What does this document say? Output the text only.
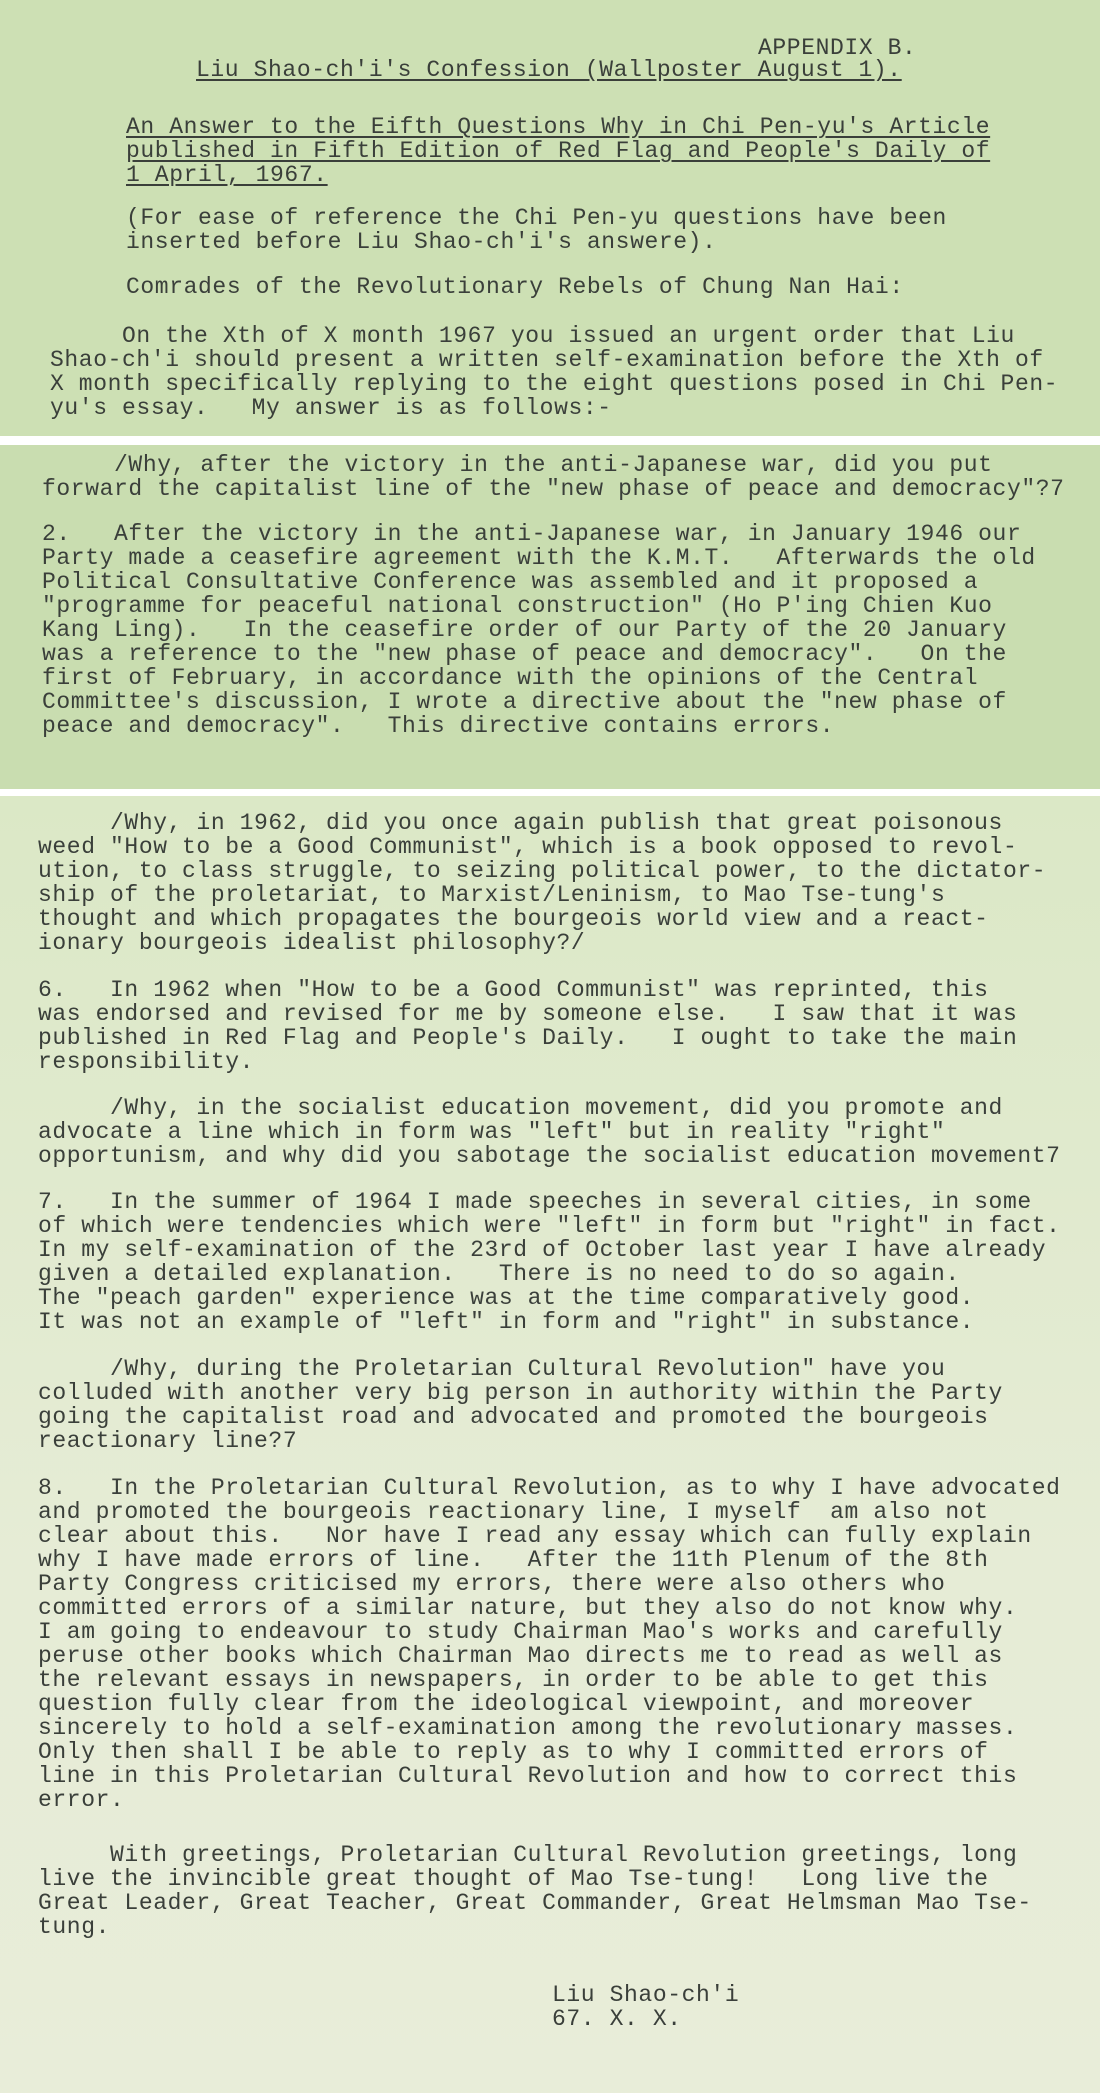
APPENDIX B.
Liu Shao-ch'i's Confession (Wallposter August 1).
An Answer to the Eifth Questions Why in Chi Pen-yu's Article
published in Fifth Edition of Red Flag and People's Daily of
1 April, 1967.
(For ease of reference the Chi Pen-yu questions have been
inserted before Liu Shao-ch'i's answere).
Comrades of the Revolutionary Rebels of Chung Nan Hai:
On the Xth of X month 1967 you issued an urgent order that Liu
Shao-ch'i should present a written self-examination before the Xth of
X month specifically replying to the eight questions posed in Chi Pen-
yu's essay.   My answer is as follows:-
/Why, after the victory in the anti-Japanese war, did you put
forward the capitalist line of the "new phase of peace and democracy"?7
2.   After the victory in the anti-Japanese war, in January 1946 our
Party made a ceasefire agreement with the K.M.T.   Afterwards the old
Political Consultative Conference was assembled and it proposed a
"programme for peaceful national construction" (Ho P'ing Chien Kuo
Kang Ling).   In the ceasefire order of our Party of the 20 January
was a reference to the "new phase of peace and democracy".   On the
first of February, in accordance with the opinions of the Central
Committee's discussion, I wrote a directive about the "new phase of
peace and democracy".   This directive contains errors.
/Why, in 1962, did you once again publish that great poisonous
weed "How to be a Good Communist", which is a book opposed to revol-
ution, to class struggle, to seizing political power, to the dictator-
ship of the proletariat, to Marxist/Leninism, to Mao Tse-tung's
thought and which propagates the bourgeois world view and a react-
ionary bourgeois idealist philosophy?/
6.   In 1962 when "How to be a Good Communist" was reprinted, this
was endorsed and revised for me by someone else.   I saw that it was
published in Red Flag and People's Daily.   I ought to take the main
responsibility.
/Why, in the socialist education movement, did you promote and
advocate a line which in form was "left" but in reality "right"
opportunism, and why did you sabotage the socialist education movement7
7.   In the summer of 1964 I made speeches in several cities, in some
of which were tendencies which were "left" in form but "right" in fact.
In my self-examination of the 23rd of October last year I have already
given a detailed explanation.   There is no need to do so again.
The "peach garden" experience was at the time comparatively good.
It was not an example of "left" in form and "right" in substance.
/Why, during the Proletarian Cultural Revolution" have you
colluded with another very big person in authority within the Party
going the capitalist road and advocated and promoted the bourgeois
reactionary line?7
8.   In the Proletarian Cultural Revolution, as to why I have advocated
and promoted the bourgeois reactionary line, I myself  am also not
clear about this.   Nor have I read any essay which can fully explain
why I have made errors of line.   After the 11th Plenum of the 8th
Party Congress criticised my errors, there were also others who
committed errors of a similar nature, but they also do not know why.
I am going to endeavour to study Chairman Mao's works and carefully
peruse other books which Chairman Mao directs me to read as well as
the relevant essays in newspapers, in order to be able to get this
question fully clear from the ideological viewpoint, and moreover
sincerely to hold a self-examination among the revolutionary masses.
Only then shall I be able to reply as to why I committed errors of
line in this Proletarian Cultural Revolution and how to correct this
error.
With greetings, Proletarian Cultural Revolution greetings, long
live the invincible great thought of Mao Tse-tung!   Long live the
Great Leader, Great Teacher, Great Commander, Great Helmsman Mao Tse-
tung.
Liu Shao-ch'i
67. X. X.
